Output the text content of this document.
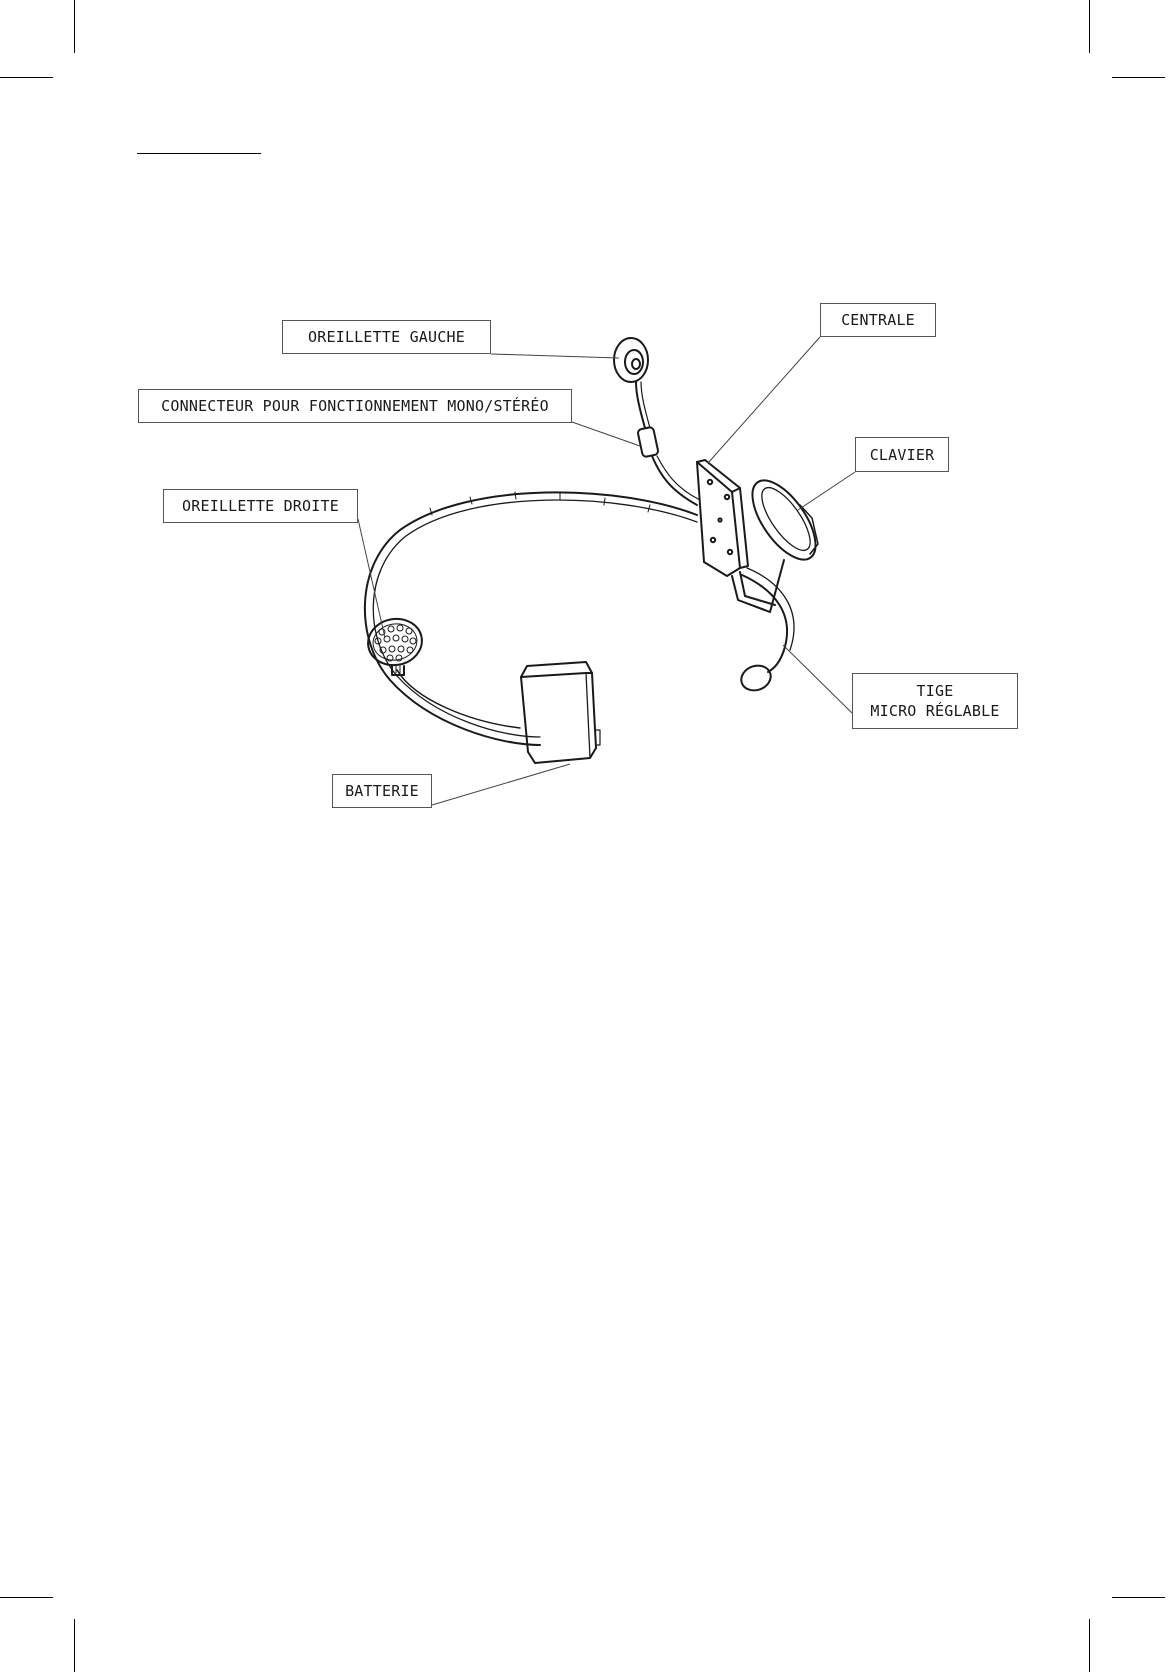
OREILLETTE GAUCHE
CONNECTEUR POUR FONCTIONNEMENT MONO/STÉRÉO
OREILLETTE DROITE
BATTERIE
CENTRALE
CLAVIER
TIGE
MICRO RÉGLABLE
